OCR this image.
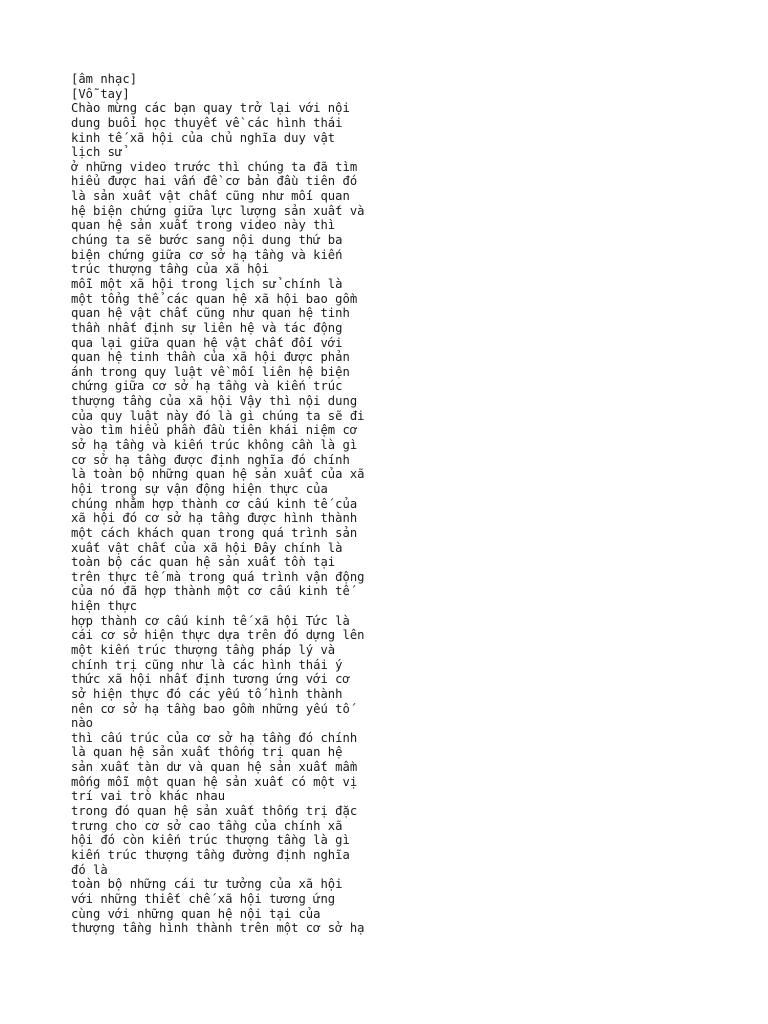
[âm nhạc]
[Vỗ tay]
Chào mừng các bạn quay trở lại với nội
dung buổi học thuyết về các hình thái
kinh tế xã hội của chủ nghĩa duy vật
lịch sử
ở những video trước thì chúng ta đã tìm
hiểu được hai vấn đề cơ bản đầu tiên đó
là sản xuất vật chất cũng như mối quan
hệ biện chứng giữa lực lượng sản xuất và
quan hệ sản xuất trong video này thì
chúng ta sẽ bước sang nội dung thứ ba
biện chứng giữa cơ sở hạ tầng và kiến
trúc thượng tầng của xã hội
mỗi một xã hội trong lịch sử chính là
một tổng thể các quan hệ xã hội bao gồm
quan hệ vật chất cũng như quan hệ tinh
thần nhất định sự liên hệ và tác động
qua lại giữa quan hệ vật chất đối với
quan hệ tinh thần của xã hội được phản
ánh trong quy luật về mối liên hệ biện
chứng giữa cơ sở hạ tầng và kiến trúc
thượng tầng của xã hội Vậy thì nội dung
của quy luật này đó là gì chúng ta sẽ đi
vào tìm hiểu phần đầu tiên khái niệm cơ
sở hạ tầng và kiến trúc không cần là gì
cơ sở hạ tầng được định nghĩa đó chính
là toàn bộ những quan hệ sản xuất của xã
hội trong sự vận động hiện thực của
chúng nhằm hợp thành cơ cấu kinh tế của
xã hội đó cơ sở hạ tầng được hình thành
một cách khách quan trong quá trình sản
xuất vật chất của xã hội Đây chính là
toàn bộ các quan hệ sản xuất tồn tại
trên thực tế mà trong quá trình vận động
của nó đã hợp thành một cơ cấu kinh tế
hiện thực
hợp thành cơ cấu kinh tế xã hội Tức là
cái cơ sở hiện thực dựa trên đó dựng lên
một kiến trúc thượng tầng pháp lý và
chính trị cũng như là các hình thái ý
thức xã hội nhất định tương ứng với cơ
sở hiện thực đó các yếu tố hình thành
nên cơ sở hạ tầng bao gồm những yếu tố
nào
thì cấu trúc của cơ sở hạ tầng đó chính
là quan hệ sản xuất thống trị quan hệ
sản xuất tàn dư và quan hệ sản xuất mầm
mống mỗi một quan hệ sản xuất có một vị
trí vai trò khác nhau
trong đó quan hệ sản xuất thống trị đặc
trưng cho cơ sở cao tầng của chính xã
hội đó còn kiến trúc thượng tầng là gì
kiến trúc thượng tầng đường định nghĩa
đó là
toàn bộ những cái tư tưởng của xã hội
với những thiết chế xã hội tương ứng
cùng với những quan hệ nội tại của
thượng tầng hình thành trên một cơ sở hạ
